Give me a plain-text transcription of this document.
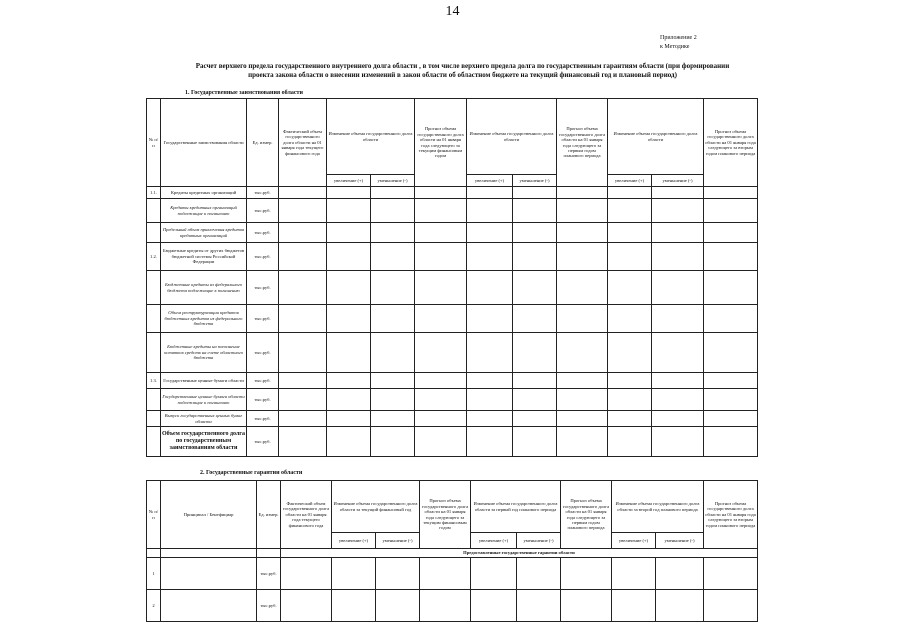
14
Приложение 2
к Методике
Расчет верхнего предела государственного внутреннего долга области , в том числе верхнего предела долга по государственным гарантиям области (при формировании
проекта закона области о внесении изменений в закон области об областном бюджете на текущий финансовый год и плановый период)
1. Государственные заимствования области
№ п/п	Государственные заимствования области	Ед. измер.	Фактический объем государственного долга области на 01 января года текущего финансового года	Изменение объема государственного долга области		Прогноз объема государственного долга области на 01 января года следующего за текущим финансовым годом	Изменение объема государственного долга области		Прогноз объема государственного долга области на 01 января года следующего за первым годом планового периода	Изменение объема государственного долга области		Прогноз объема государственного долга области на 01 января года следующего за вторым годом планового периода
				увеличение (+)	уменьшение (-)		увеличение (+)	уменьшение (-)		увеличение (+)	уменьшение (-)	
1.1.	Кредиты кредитных организаций	тыс.руб.										
	Кредиты кредитных организаций подлежащие к погашению	тыс.руб.										
	Предельный объем привлечения кредитов кредитных организаций	тыс.руб.										
1.2.	Бюджетные кредиты от других бюджетов бюджетной системы Российской Федерации	тыс.руб.										
	Бюджетные кредиты из федерального бюджета подлежащие к погашению	тыс.руб.										
	Объем реструктуризации кредитов бюджетных кредитов из федерального бюджета	тыс.руб.										
	Бюджетные кредиты на пополнение остатков средств на счете областного бюджета	тыс.руб.										
1.3.	Государственные ценные бумаги области	тыс.руб.										
	Государственные ценные бумаги области подлежащие к погашению	тыс.руб.										
	Выпуск государственных ценных бумаг области	тыс.руб.										
	Объем государственного долга по государственным заимствованиям области	тыс.руб.										
2. Государственные гарантии области
№ п/п	Принципал / Бенефициар	Ед. измер.	Фактический объем государственного долга области на 01 января года текущего финансового года	Изменение объема государственного долга области за текущий финансовый год		Прогноз объема государственного долга области на 01 января года следующего за текущим финансовым годом	Изменение объема государственного долга области за первый год планового периода		Прогноз объема государственного долга области на 01 января года следующего за первым годом планового периода	Изменение объема государственного долга области за второй год планового периода		Прогноз объема государственного долга области на 01 января года следующего за вторым годом планового периода
				увеличение (+)	уменьшение (-)		увеличение (+)	уменьшение (-)		увеличение (+)	уменьшение (-)	
			Предоставленные государственные гарантии области									
1		тыс.руб.										
2		тыс.руб.										
